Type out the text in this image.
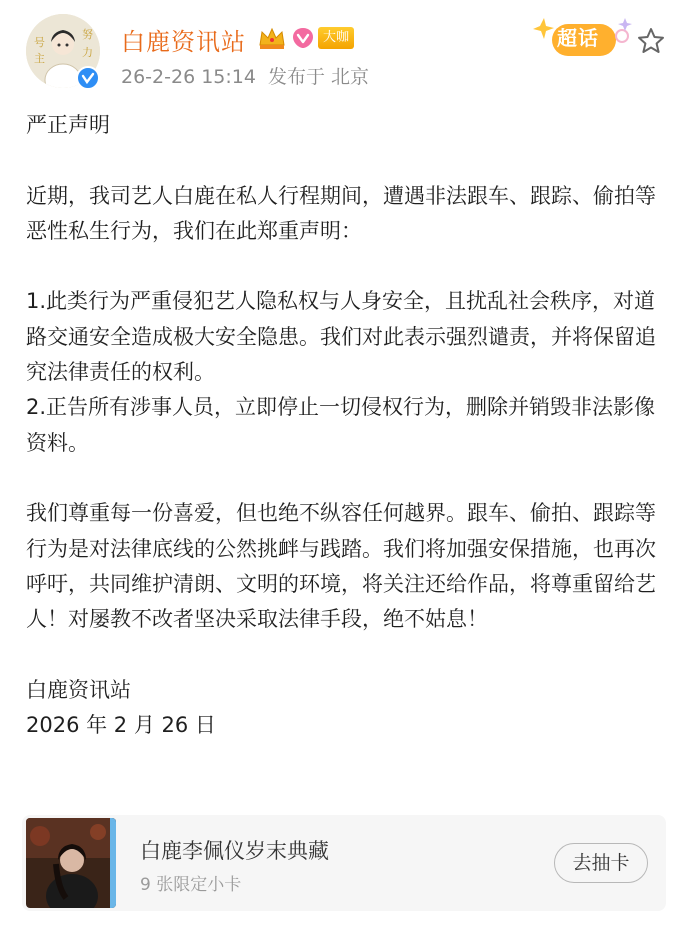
号
主
努
力 白鹿资讯站	大咖
26-2-26 15:14 发布于 北京
超话

严正声明

近期，我司艺人白鹿在私人行程期间，遭遇非法跟车、跟踪、偷拍等恶性私生行为，我们在此郑重声明：

1.此类行为严重侵犯艺人隐私权与人身安全，且扰乱社会秩序，对道路交通安全造成极大安全隐患。我们对此表示强烈谴责，并将保留追究法律责任的权利。

2.正告所有涉事人员，立即停止一切侵权行为，删除并销毁非法影像资料。

我们尊重每一份喜爱，但也绝不纵容任何越界。跟车、偷拍、跟踪等行为是对法律底线的公然挑衅与践踏。我们将加强安保措施，也再次呼吁，共同维护清朗、文明的环境，将关注还给作品，将尊重留给艺人！对屡教不改者坚决采取法律手段，绝不姑息！

白鹿资讯站

2026 年 2 月 26 日

白鹿李佩仪岁末典藏
9 张限定小卡
去抽卡
